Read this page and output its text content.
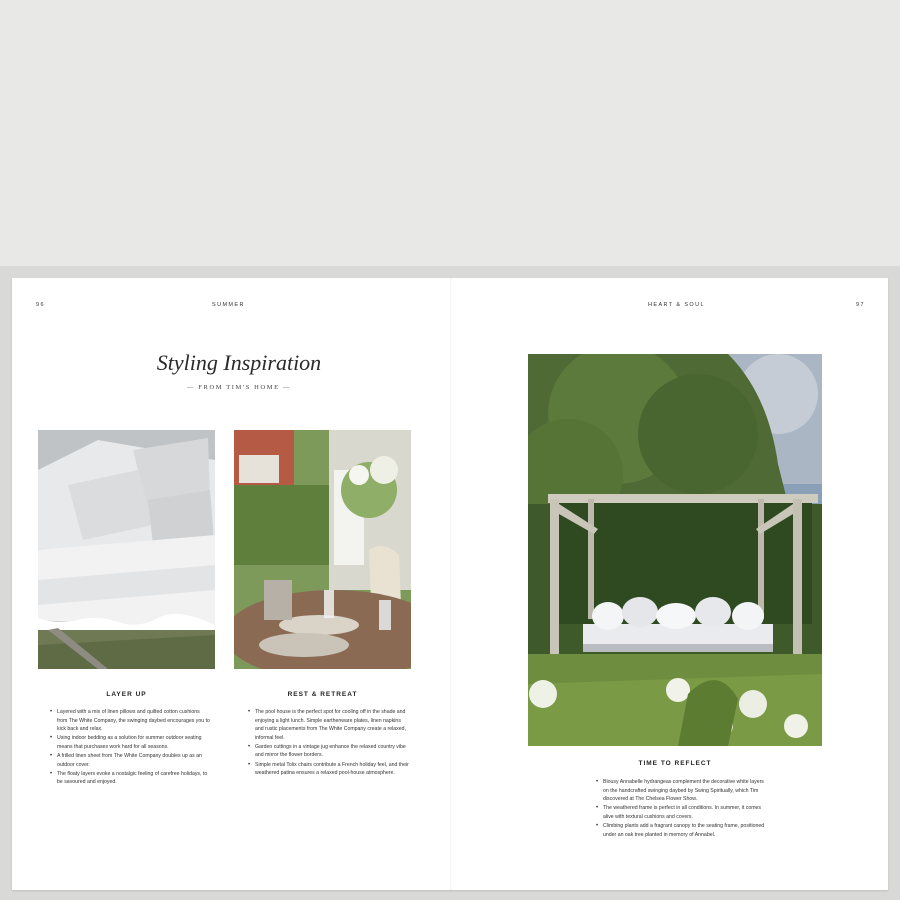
96	SUMMER	HEART & SOUL	97
Styling Inspiration
— FROM TIM'S HOME —
LAYER UP
• Layered with a mix of linen pillows and quilted cotton cushions from The White Company, the swinging daybed encourages you to kick back and relax.
• Using indoor bedding as a solution for summer outdoor seating means that purchases work hard for all seasons.
• A frilled linen sheet from The White Company doubles up as an outdoor cover.
• The floaty layers evoke a nostalgic feeling of carefree holidays, to be savoured and enjoyed.
REST & RETREAT
• The pool house is the perfect spot for cooling off in the shade and enjoying a light lunch. Simple earthenware plates, linen napkins and rustic placements from The White Company create a relaxed, informal feel.
• Garden cuttings in a vintage jug enhance the relaxed country vibe and mirror the flower borders.
• Simple metal Tolix chairs contribute a French holiday feel, and their weathered patina ensures a relaxed pool-house atmosphere.
TIME TO REFLECT
• Blousy Annabelle hydrangeas complement the decorative white layers on the handcrafted swinging daybed by Swing Spiritually, which Tim discovered at The Chelsea Flower Show.
• The weathered frame is perfect in all conditions. In summer, it comes alive with textural cushions and covers.
• Climbing plants add a fragrant canopy to the seating frame, positioned under an oak tree planted in memory of Annabel.
